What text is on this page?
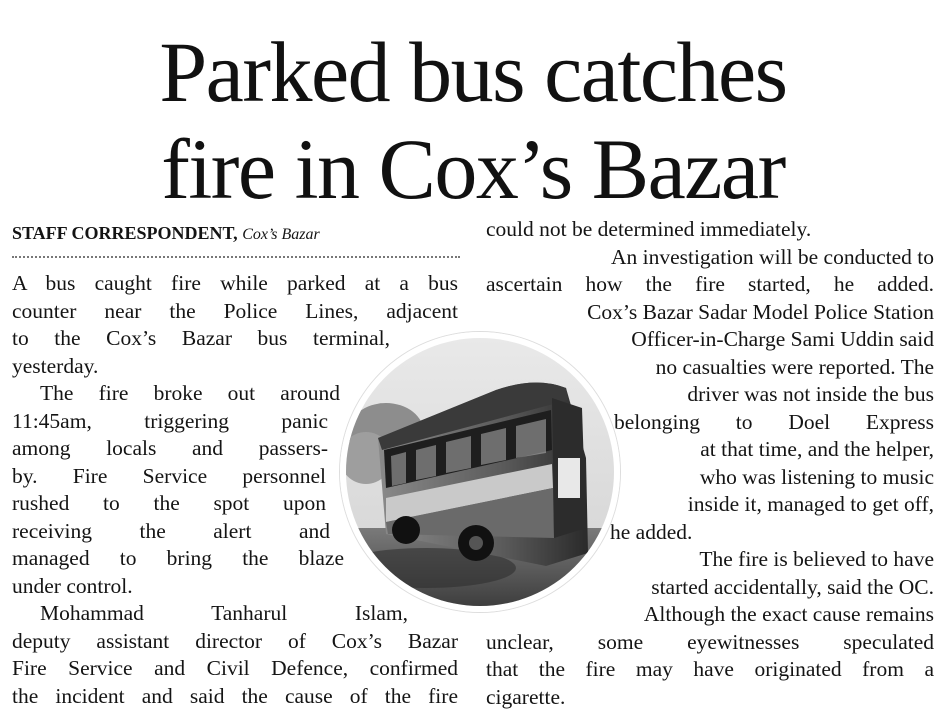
Parked bus catches
fire in Cox’s Bazar
STAFF CORRESPONDENT, Cox’s Bazar
A bus caught fire while parked at a bus
counter near the Police Lines, adjacent
to the Cox’s Bazar bus terminal,
yesterday.
The fire broke out around
11:45am, triggering panic
among locals and passers-
by. Fire Service personnel
rushed to the spot upon
receiving the alert and
managed to bring the blaze
under control.
Mohammad Tanharul Islam,
deputy assistant director of Cox’s Bazar
Fire Service and Civil Defence, confirmed
the incident and said the cause of the fire
could not be determined immediately.
An investigation will be conducted to
ascertain how the fire started, he added.
Cox’s Bazar Sadar Model Police Station
Officer-in-Charge Sami Uddin said
no casualties were reported. The
driver was not inside the bus
belonging to Doel Express
at that time, and the helper,
who was listening to music
inside it, managed to get off,
he added.
The fire is believed to have
started accidentally, said the OC.
Although the exact cause remains
unclear, some eyewitnesses speculated
that the fire may have originated from a
cigarette.
